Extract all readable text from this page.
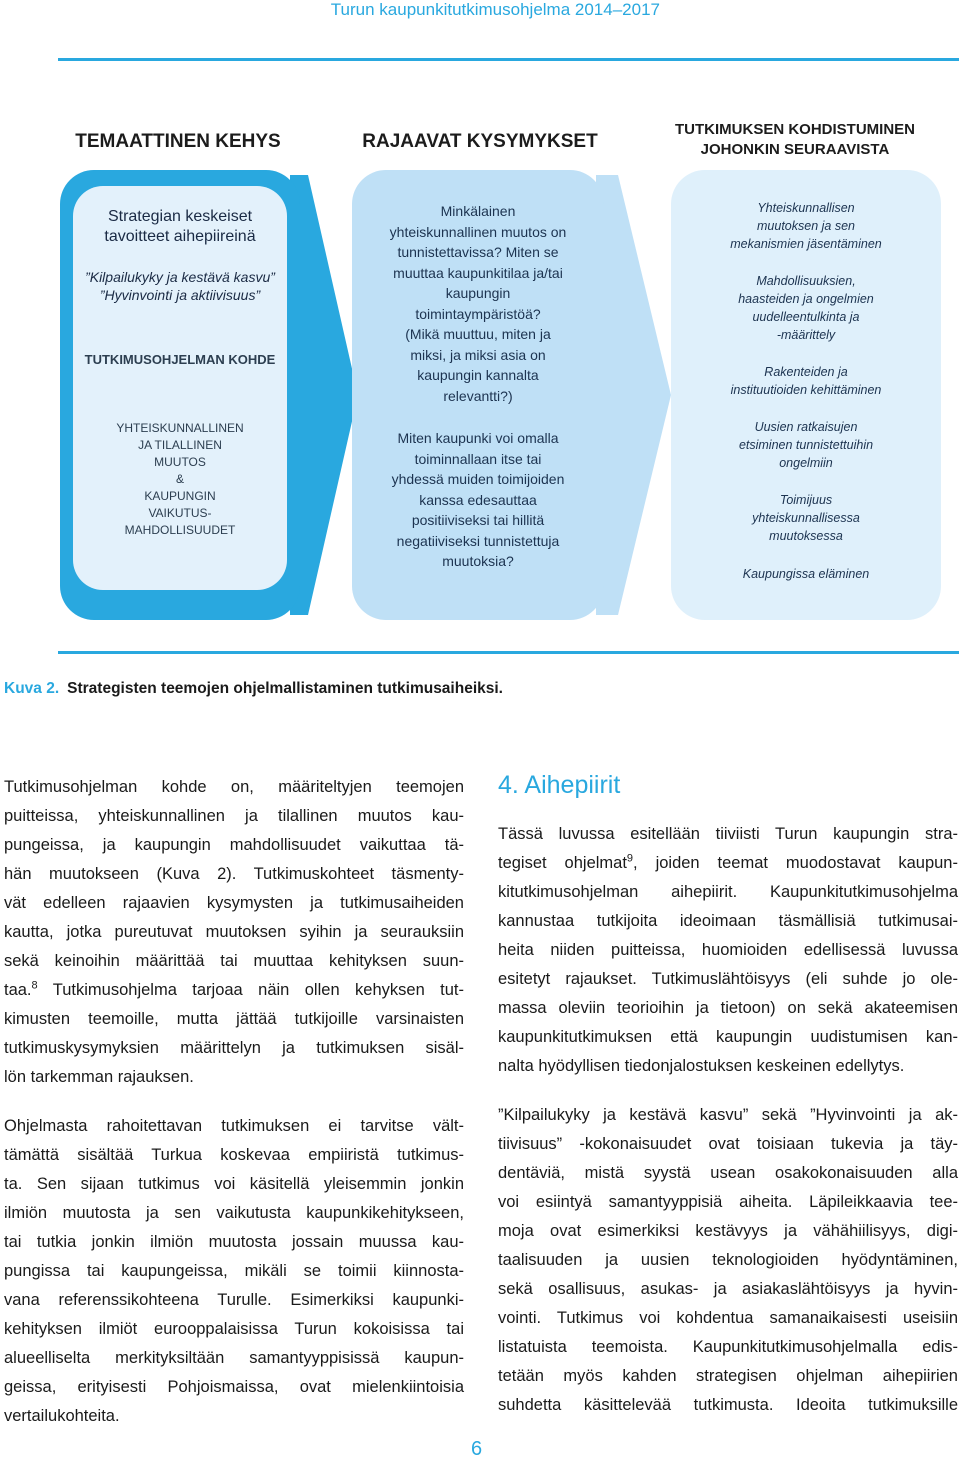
Turun kaupunkitutkimusohjelma 2014–2017
TEMAATTINEN KEHYS	RAJAAVAT KYSYMYKSET
TUTKIMUKSEN KOHDISTUMINEN
JOHONKIN SEURAAVISTA
Strategian keskeiset
tavoitteet aihepiireinä
”Kilpailukyky ja kestävä kasvu”
”Hyvinvointi ja aktiivisuus”
TUTKIMUSOHJELMAN KOHDE
YHTEISKUNNALLINEN
JA TILALLINEN
MUUTOS
&
KAUPUNGIN
VAIKUTUS-
MAHDOLLISUUDET
Minkälainen
yhteiskunnallinen muutos on
tunnistettavissa? Miten se
muuttaa kaupunkitilaa ja/tai
kaupungin
toimintaympäristöä?
(Mikä muuttuu, miten ja
miksi, ja miksi asia on
kaupungin kannalta
relevantti?)
Miten kaupunki voi omalla
toiminnallaan itse tai
yhdessä muiden toimijoiden
kanssa edesauttaa
positiiviseksi tai hillitä
negatiiviseksi tunnistettuja
muutoksia?
Yhteiskunnallisen
muutoksen ja sen
mekanismien jäsentäminen
Mahdollisuuksien,
haasteiden ja ongelmien
uudelleentulkinta ja
-määrittely
Rakenteiden ja
instituutioiden kehittäminen
Uusien ratkaisujen
etsiminen tunnistettuihin
ongelmiin
Toimijuus
yhteiskunnallisessa
muutoksessa
Kaupungissa eläminen
Kuva 2. Strategisten teemojen ohjelmallistaminen tutkimusaiheiksi.

Tutkimusohjelman kohde on, määriteltyjen teemojen
puitteissa, yhteiskunnallinen ja tilallinen muutos kau-
pungeissa, ja kaupungin mahdollisuudet vaikuttaa tä-
hän muutokseen (Kuva 2). Tutkimuskohteet täsmenty-
vät edelleen rajaavien kysymysten ja tutkimusaiheiden
kautta, jotka pureutuvat muutoksen syihin ja seurauksiin
sekä keinoihin määrittää tai muuttaa kehityksen suun-
taa.$^8$ Tutkimusohjelma tarjoaa näin ollen kehyksen tut-
kimusten teemoille, mutta jättää tutkijoille varsinaisten
tutkimuskysymyksien määrittelyn ja tutkimuksen sisäl-
lön tarkemman rajauksen.

Ohjelmasta rahoitettavan tutkimuksen ei tarvitse vält-
tämättä sisältää Turkua koskevaa empiiristä tutkimus-
ta. Sen sijaan tutkimus voi käsitellä yleisemmin jonkin
ilmiön muutosta ja sen vaikutusta kaupunkikehitykseen,
tai tutkia jonkin ilmiön muutosta jossain muussa kau-
pungissa tai kaupungeissa, mikäli se toimii kiinnosta-
vana referenssikohteena Turulle. Esimerkiksi kaupunki-
kehityksen ilmiöt eurooppalaisissa Turun kokoisissa tai
alueelliselta merkityksiltään samantyyppisissä kaupun-
geissa, erityisesti Pohjoismaissa, ovat mielenkiintoisia
vertailukohteita.

4. Aihepiirit

Tässä luvussa esitellään tiiviisti Turun kaupungin stra-
tegiset ohjelmat$^9$, joiden teemat muodostavat kaupun-
kitutkimusohjelman aihepiirit. Kaupunkitutkimusohjelma
kannustaa tutkijoita ideoimaan täsmällisiä tutkimusai-
heita niiden puitteissa, huomioiden edellisessä luvussa
esitetyt rajaukset. Tutkimuslähtöisyys (eli suhde jo ole-
massa oleviin teorioihin ja tietoon) on sekä akateemisen
kaupunkitutkimuksen että kaupungin uudistumisen kan-
nalta hyödyllisen tiedonjalostuksen keskeinen edellytys.

”Kilpailukyky ja kestävä kasvu” sekä ”Hyvinvointi ja ak-
tiivisuus” -kokonaisuudet ovat toisiaan tukevia ja täy-
dentäviä, mistä syystä usean osakokonaisuuden alla
voi esiintyä samantyyppisiä aiheita. Läpileikkaavia tee-
moja ovat esimerkiksi kestävyys ja vähähiilisyys, digi-
taalisuuden ja uusien teknologioiden hyödyntäminen,
sekä osallisuus, asukas- ja asiakaslähtöisyys ja hyvin-
vointi. Tutkimus voi kohdentua samanaikaisesti useisiin
listatuista teemoista. Kaupunkitutkimusohjelmalla edis-
tetään myös kahden strategisen ohjelman aihepiirien
suhdetta käsittelevää tutkimusta. Ideoita tutkimuksille

6
